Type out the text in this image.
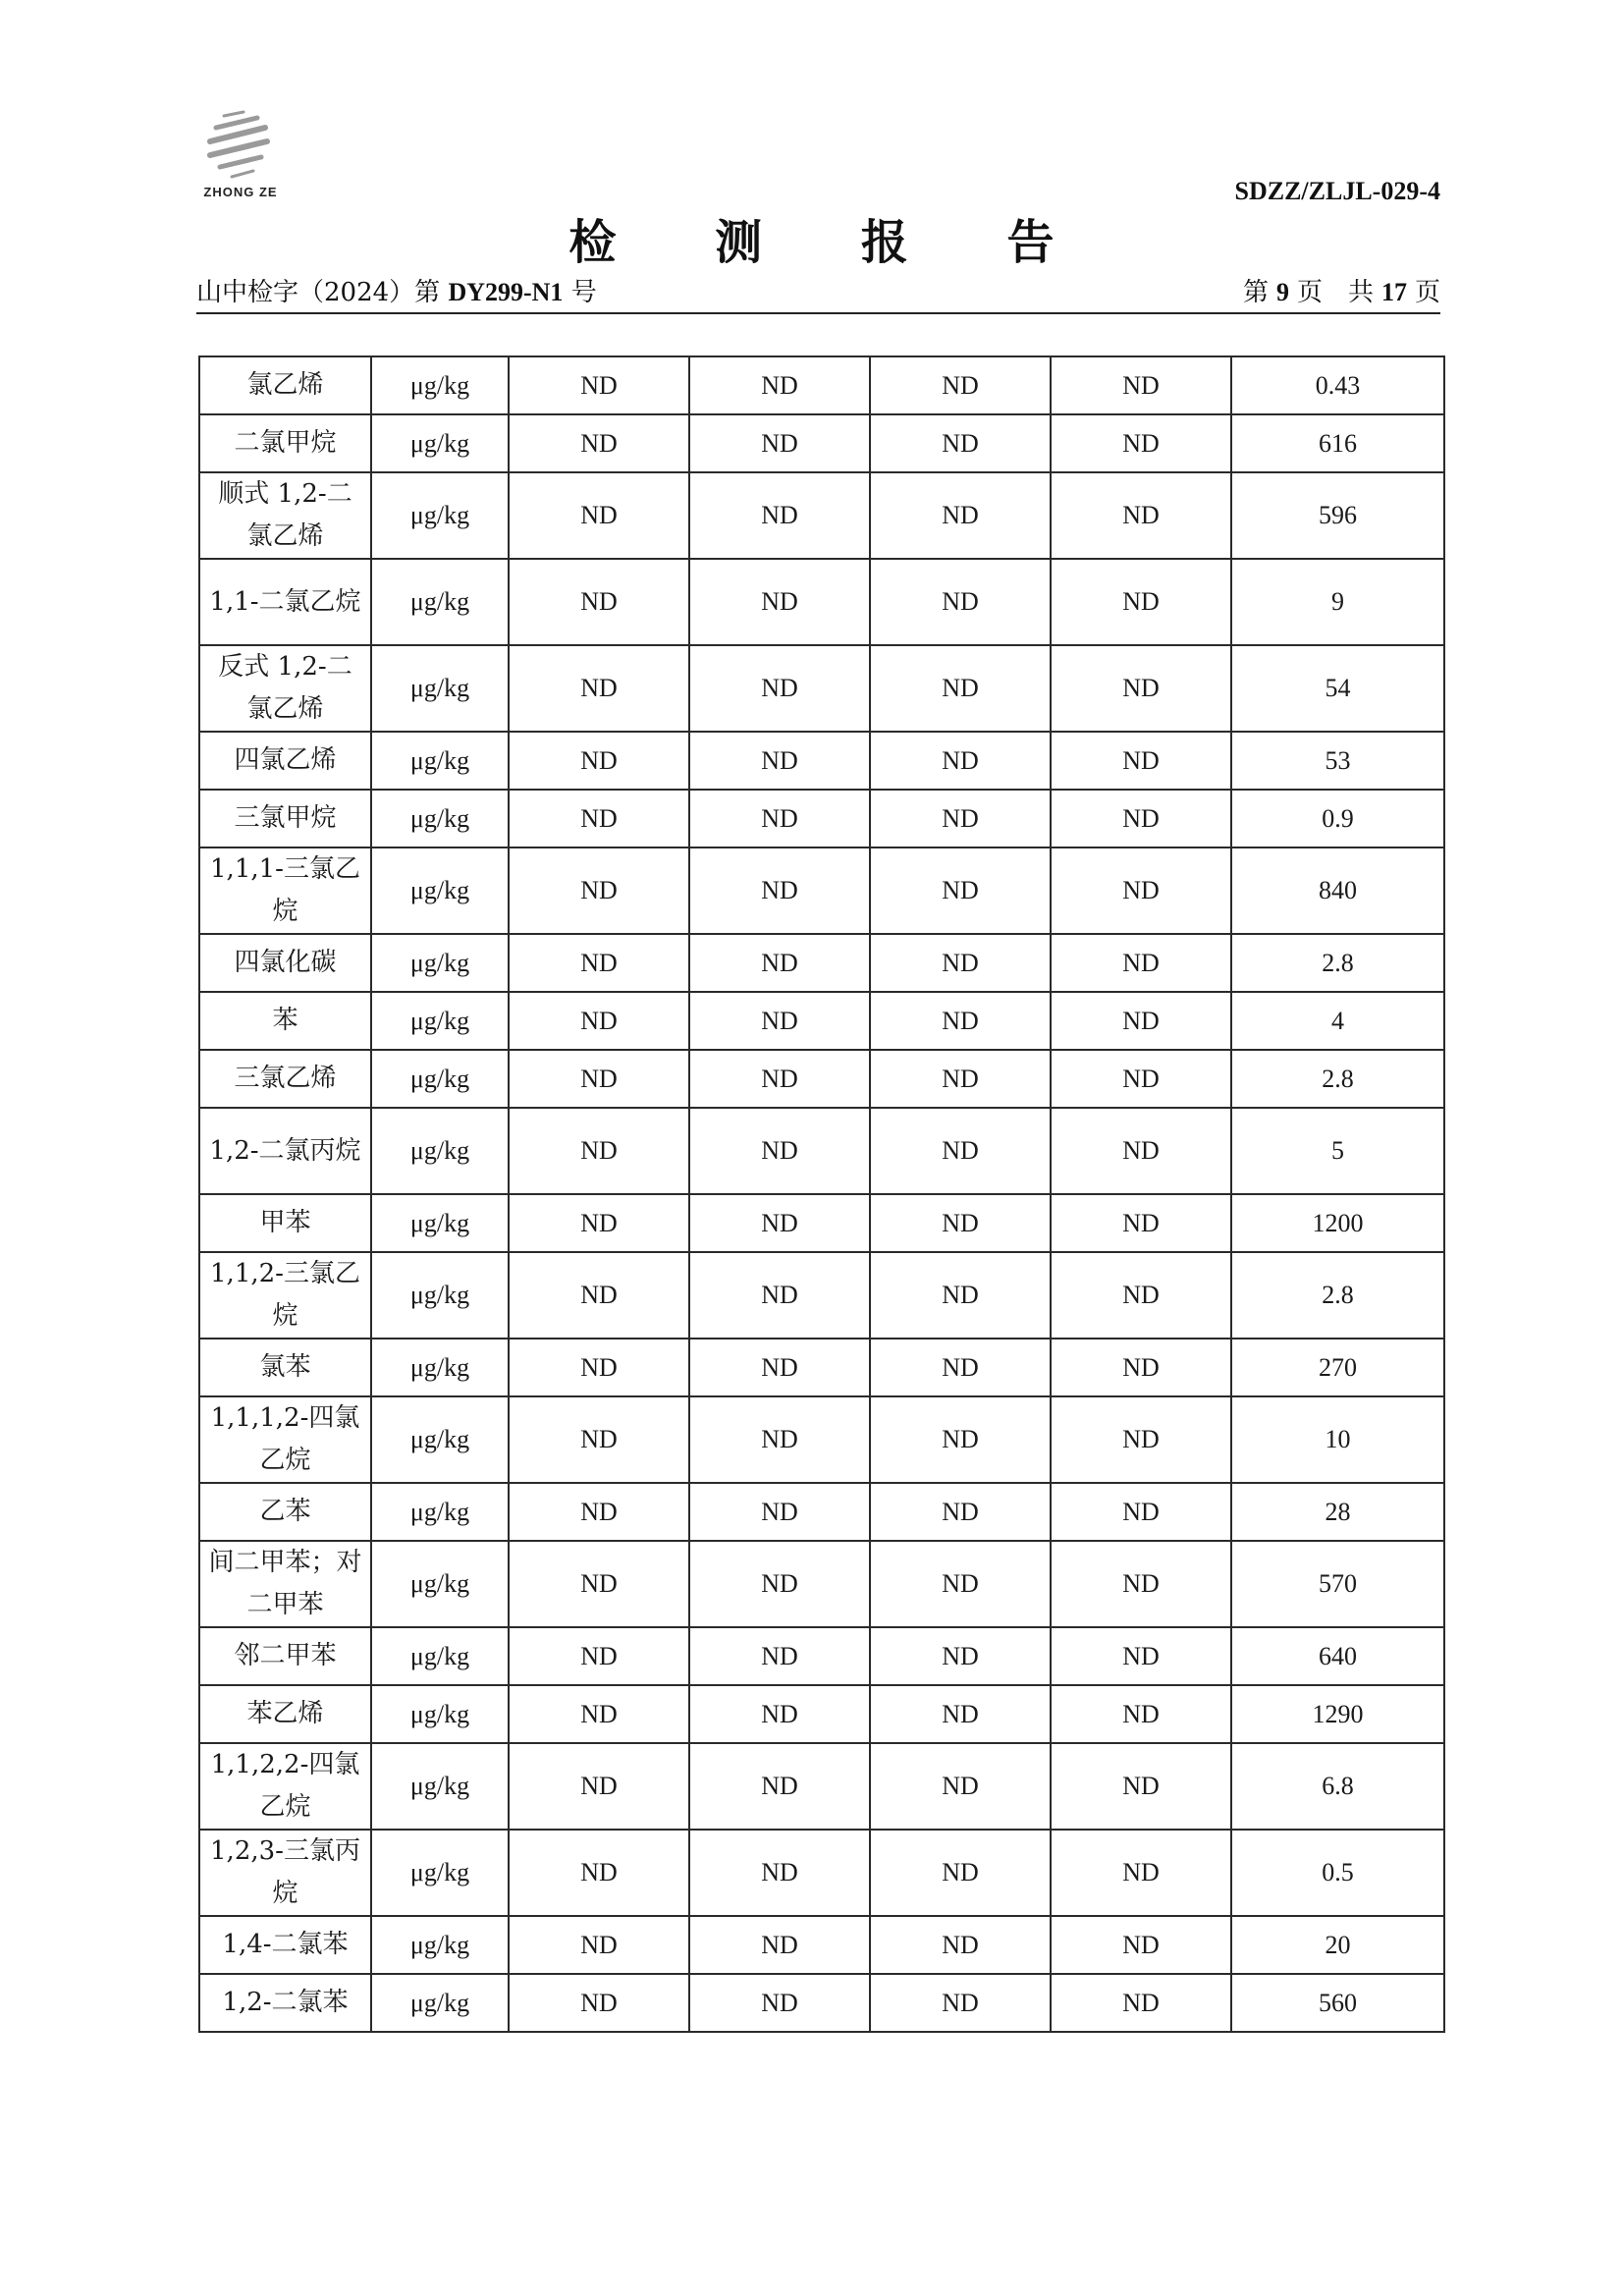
ZHONG ZE	SDZZ/ZLJL-029-4
检 测 报 告
山中检字（2024）第 DY299-N1 号	第 9 页 共 17 页
氯乙烯	μg/kg	ND	ND	ND	ND	0.43
二氯甲烷	μg/kg	ND	ND	ND	ND	616
顺式 1,2-二氯乙烯	μg/kg	ND	ND	ND	ND	596
1,1-二氯乙烷	μg/kg	ND	ND	ND	ND	9
反式 1,2-二氯乙烯	μg/kg	ND	ND	ND	ND	54
四氯乙烯	μg/kg	ND	ND	ND	ND	53
三氯甲烷	μg/kg	ND	ND	ND	ND	0.9
1,1,1-三氯乙烷	μg/kg	ND	ND	ND	ND	840
四氯化碳	μg/kg	ND	ND	ND	ND	2.8
苯	μg/kg	ND	ND	ND	ND	4
三氯乙烯	μg/kg	ND	ND	ND	ND	2.8
1,2-二氯丙烷	μg/kg	ND	ND	ND	ND	5
甲苯	μg/kg	ND	ND	ND	ND	1200
1,1,2-三氯乙烷	μg/kg	ND	ND	ND	ND	2.8
氯苯	μg/kg	ND	ND	ND	ND	270
1,1,1,2-四氯乙烷	μg/kg	ND	ND	ND	ND	10
乙苯	μg/kg	ND	ND	ND	ND	28
间二甲苯；对二甲苯	μg/kg	ND	ND	ND	ND	570
邻二甲苯	μg/kg	ND	ND	ND	ND	640
苯乙烯	μg/kg	ND	ND	ND	ND	1290
1,1,2,2-四氯乙烷	μg/kg	ND	ND	ND	ND	6.8
1,2,3-三氯丙烷	μg/kg	ND	ND	ND	ND	0.5
1,4-二氯苯	μg/kg	ND	ND	ND	ND	20
1,2-二氯苯	μg/kg	ND	ND	ND	ND	560
